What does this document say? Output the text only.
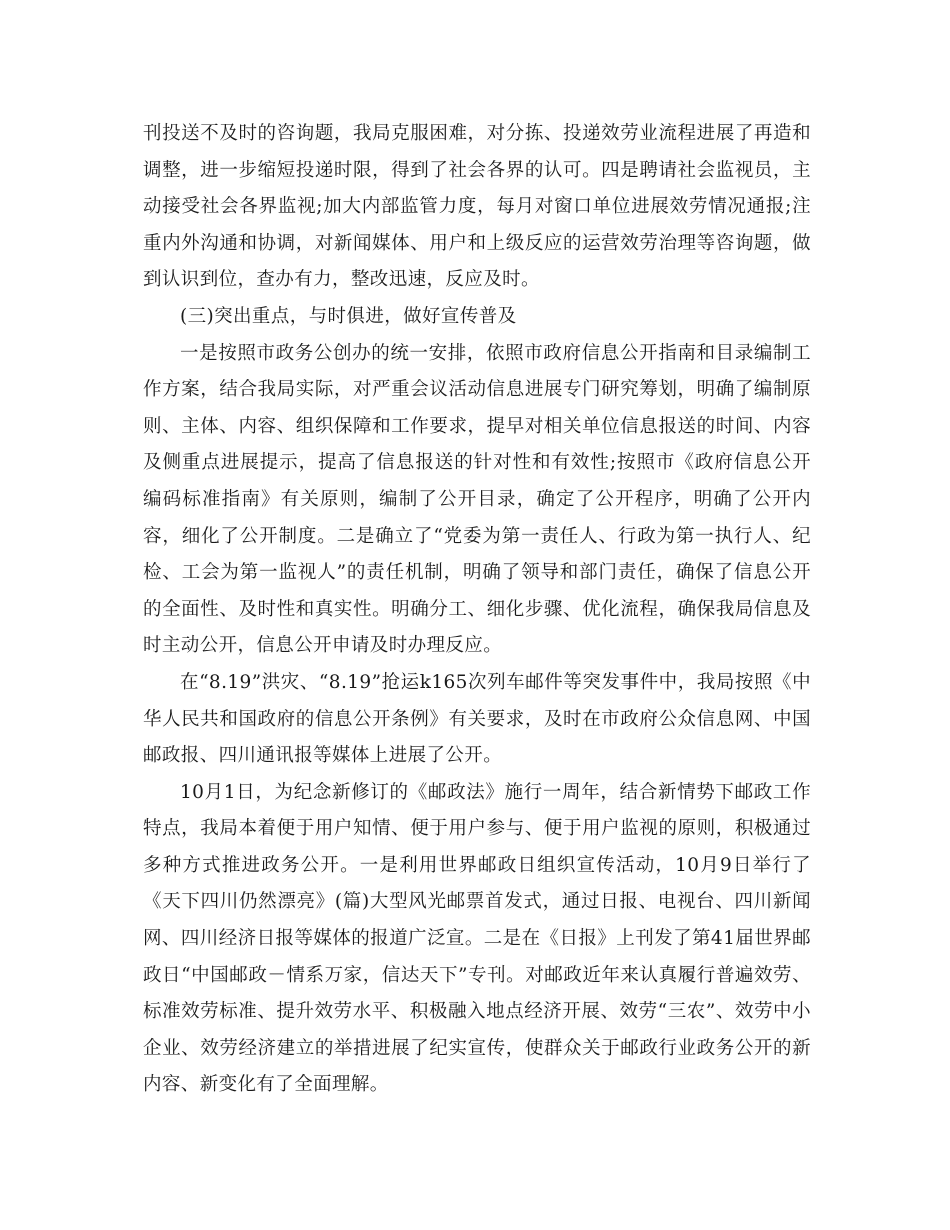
刊投送不及时的咨询题，我局克服困难，对分拣、投递效劳业流程进展了再造和调整，进一步缩短投递时限，得到了社会各界的认可。四是聘请社会监视员，主动接受社会各界监视;加大内部监管力度，每月对窗口单位进展效劳情况通报;注重内外沟通和协调，对新闻媒体、用户和上级反应的运营效劳治理等咨询题，做到认识到位，查办有力，整改迅速，反应及时。

(三)突出重点，与时俱进，做好宣传普及

一是按照市政务公创办的统一安排，依照市政府信息公开指南和目录编制工作方案，结合我局实际，对严重会议活动信息进展专门研究筹划，明确了编制原则、主体、内容、组织保障和工作要求，提早对相关单位信息报送的时间、内容及侧重点进展提示，提高了信息报送的针对性和有效性;按照市《政府信息公开编码标准指南》有关原则，编制了公开目录，确定了公开程序，明确了公开内容，细化了公开制度。二是确立了“党委为第一责任人、行政为第一执行人、纪检、工会为第一监视人”的责任机制，明确了领导和部门责任，确保了信息公开的全面性、及时性和真实性。明确分工、细化步骤、优化流程，确保我局信息及时主动公开，信息公开申请及时办理反应。

在“8.19”洪灾、“8.19”抢运k165次列车邮件等突发事件中，我局按照《中华人民共和国政府的信息公开条例》有关要求，及时在市政府公众信息网、中国邮政报、四川通讯报等媒体上进展了公开。

10月1日，为纪念新修订的《邮政法》施行一周年，结合新情势下邮政工作特点，我局本着便于用户知情、便于用户参与、便于用户监视的原则，积极通过多种方式推进政务公开。一是利用世界邮政日组织宣传活动，10月9日举行了《天下四川仍然漂亮》(篇)大型风光邮票首发式，通过日报、电视台、四川新闻网、四川经济日报等媒体的报道广泛宣。二是在《日报》上刊发了第41届世界邮政日“中国邮政－情系万家，信达天下”专刊。对邮政近年来认真履行普遍效劳、标准效劳标准、提升效劳水平、积极融入地点经济开展、效劳“三农”、效劳中小企业、效劳经济建立的举措进展了纪实宣传，使群众关于邮政行业政务公开的新内容、新变化有了全面理解。
